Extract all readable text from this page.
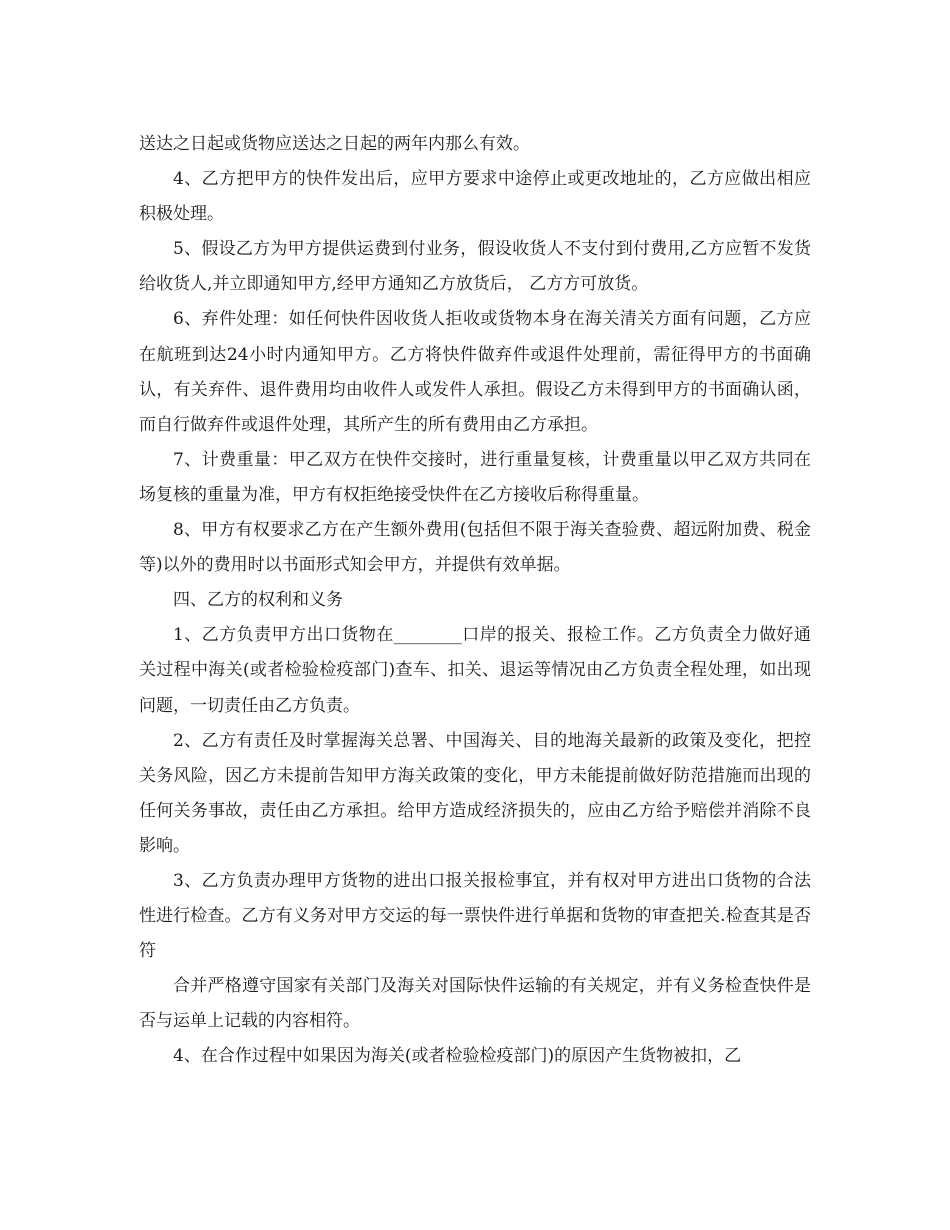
送达之日起或货物应送达之日起的两年内那么有效。

4、乙方把甲方的快件发出后，应甲方要求中途停止或更改地址的，乙方应做出相应积极处理。

5、假设乙方为甲方提供运费到付业务，假设收货人不支付到付费用,乙方应暂不发货给收货人,并立即通知甲方,经甲方通知乙方放货后， 乙方方可放货。

6、弃件处理：如任何快件因收货人拒收或货物本身在海关清关方面有问题，乙方应在航班到达24小时内通知甲方。乙方将快件做弃件或退件处理前，需征得甲方的书面确认，有关弃件、退件费用均由收件人或发件人承担。假设乙方未得到甲方的书面确认函，而自行做弃件或退件处理，其所产生的所有费用由乙方承担。

7、计费重量：甲乙双方在快件交接时，进行重量复核，计费重量以甲乙双方共同在场复核的重量为准，甲方有权拒绝接受快件在乙方接收后称得重量。

8、甲方有权要求乙方在产生额外费用(包括但不限于海关查验费、超远附加费、税金等)以外的费用时以书面形式知会甲方，并提供有效单据。

四、乙方的权利和义务

1、乙方负责甲方出口货物在________口岸的报关、报检工作。乙方负责全力做好通关过程中海关(或者检验检疫部门)查车、扣关、退运等情况由乙方负责全程处理，如出现问题，一切责任由乙方负责。

2、乙方有责任及时掌握海关总署、中国海关、目的地海关最新的政策及变化，把控关务风险，因乙方未提前告知甲方海关政策的变化，甲方未能提前做好防范措施而出现的任何关务事故，责任由乙方承担。给甲方造成经济损失的，应由乙方给予赔偿并消除不良影响。

3、乙方负责办理甲方货物的进出口报关报检事宜，并有权对甲方进出口货物的合法性进行检查。乙方有义务对甲方交运的每一票快件进行单据和货物的审查把关.检查其是否符

合并严格遵守国家有关部门及海关对国际快件运输的有关规定，并有义务检查快件是否与运单上记载的内容相符。

4、在合作过程中如果因为海关(或者检验检疫部门)的原因产生货物被扣，乙
